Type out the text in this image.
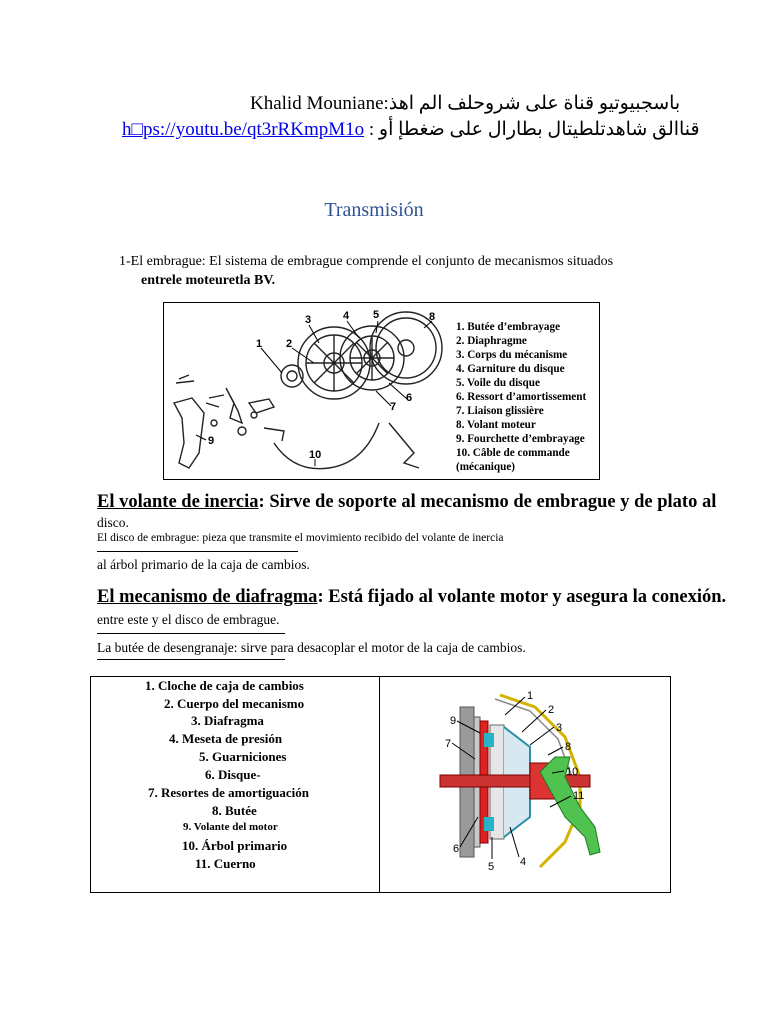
Khalid Mouniane:باسجبيوتيو قناة على شروحلف الم اهذ
h□ps://youtu.be/qt3rRKmpM1o : قناالق شاهدتلطيتال بطارال على ضغطإ أو
Transmisión
1-El embrague: El sistema de embrague comprende el conjunto de mecanismos situados
entrele moteuretla BV.
1 2
3	4 5
6
7
8
9
10
1. Butée d’embrayage
2. Diaphragme
3. Corps du mécanisme
4. Garniture du disque
5. Voile du disque
6. Ressort d’amortissement
7. Liaison glissière
8. Volant moteur
9. Fourchette d’embrayage
10. Câble de commande
(mécanique)
El volante de inercia: Sirve de soporte al mecanismo de embrague y de plato al
disco.
El disco de embrague: pieza que transmite el movimiento recibido del volante de inercia
al árbol primario de la caja de cambios.
El mecanismo de diafragma: Está fijado al volante motor y asegura la conexión.
entre este y el disco de embrague.
La butée de desengranaje: sirve para desacoplar el motor de la caja de cambios.
1. Cloche de caja de cambios
2. Cuerpo del mecanismo
3. Diafragma
4. Meseta de presión
5. Guarniciones
6. Disque-
7. Resortes de amortiguación
8. Butée
9. Volante del motor
10. Árbol primario
11. Cuerno

1
2
3
4
5
6
7	8
9
10
11
